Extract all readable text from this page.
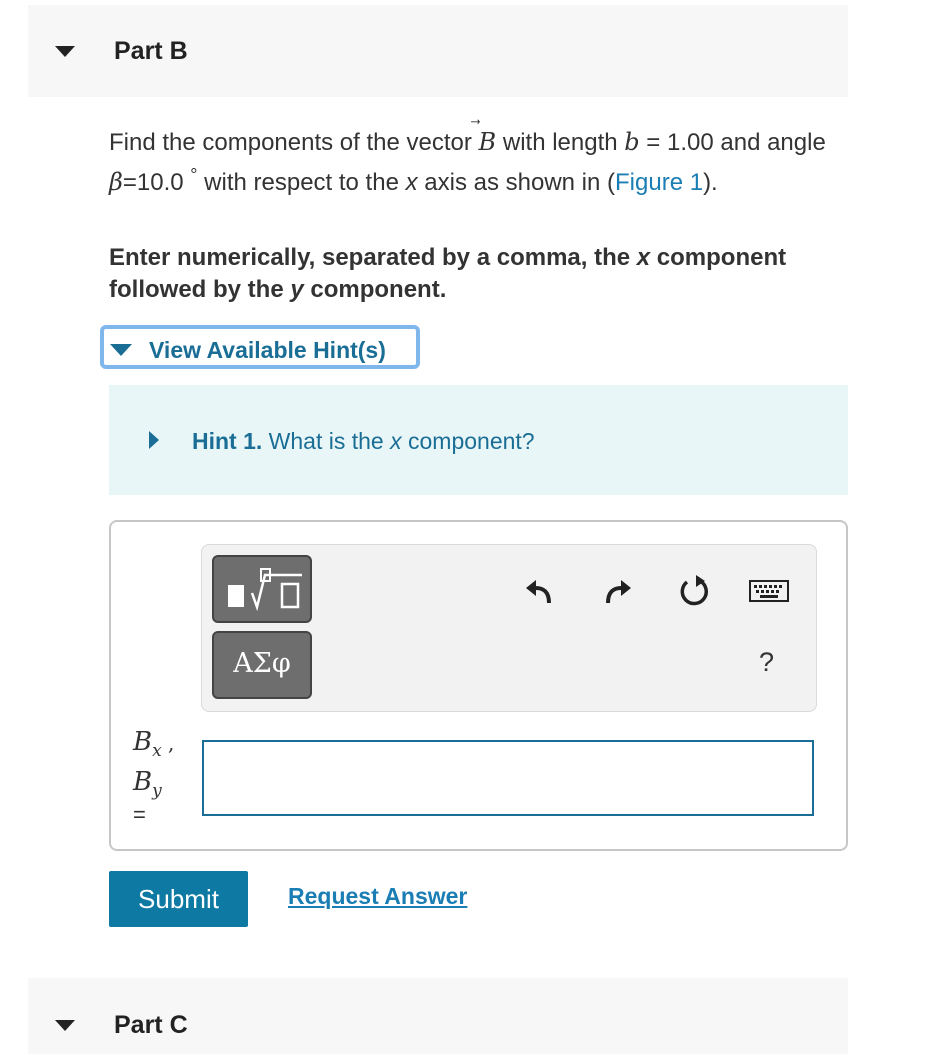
Part B
Find the components of the vector
B with length b = 1.00 and angle β=10.0 ° with respect to the x axis as shown in (Figure 1).
Enter numerically, separated by a comma, the x component followed by the y component.
View Available Hint(s)
Hint 1. What is the x component?
ΑΣφ	?
$B_x$ ,
$B_y$
=
Submit	Request Answer
Part C
